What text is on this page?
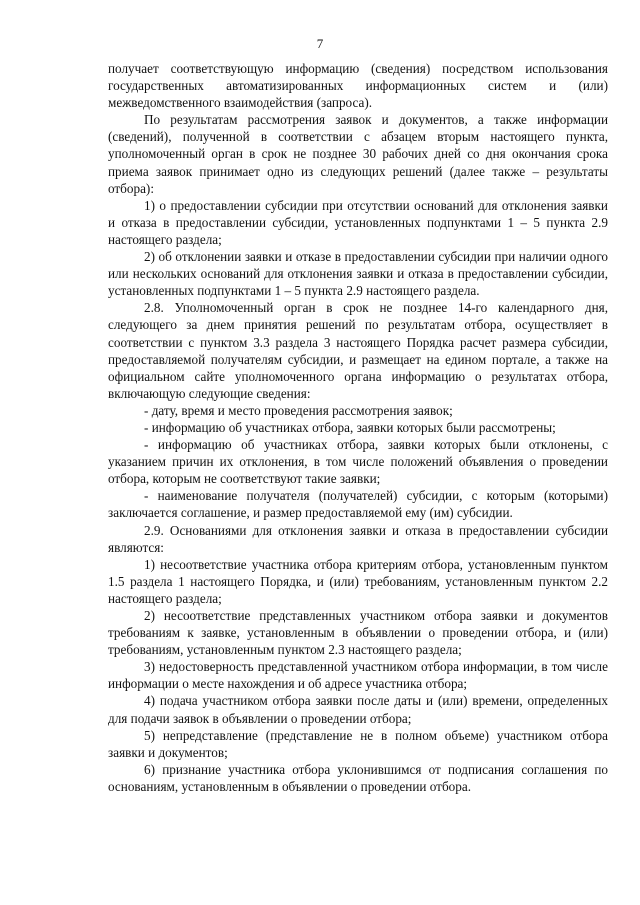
7

получает соответствующую информацию (сведения) посредством использования государственных автоматизированных информационных систем и (или) межведомственного взаимодействия (запроса).

По результатам рассмотрения заявок и документов, а также информации (сведений), полученной в соответствии с абзацем вторым настоящего пункта, уполномоченный орган в срок не позднее 30 рабочих дней со дня окончания срока приема заявок принимает одно из следующих решений (далее также – результаты отбора):

1) о предоставлении субсидии при отсутствии оснований для отклонения заявки и отказа в предоставлении субсидии, установленных подпунктами 1 – 5 пункта 2.9 настоящего раздела;

2) об отклонении заявки и отказе в предоставлении субсидии при наличии одного или нескольких оснований для отклонения заявки и отказа в предоставлении субсидии, установленных подпунктами 1 – 5 пункта 2.9 настоящего раздела.

2.8. Уполномоченный орган в срок не позднее 14-го календарного дня, следующего за днем принятия решений по результатам отбора, осуществляет в соответствии с пунктом 3.3 раздела 3 настоящего Порядка расчет размера субсидии, предоставляемой получателям субсидии, и размещает на едином портале, а также на официальном сайте уполномоченного органа информацию о результатах отбора, включающую следующие сведения:

- дату, время и место проведения рассмотрения заявок;

- информацию об участниках отбора, заявки которых были рассмотрены;

- информацию об участниках отбора, заявки которых были отклонены, с указанием причин их отклонения, в том числе положений объявления о проведении отбора, которым не соответствуют такие заявки;

- наименование получателя (получателей) субсидии, с которым (которыми) заключается соглашение, и размер предоставляемой ему (им) субсидии.

2.9. Основаниями для отклонения заявки и отказа в предоставлении субсидии являются:

1) несоответствие участника отбора критериям отбора, установленным пунктом 1.5 раздела 1 настоящего Порядка, и (или) требованиям, установленным пунктом 2.2 настоящего раздела;

2) несоответствие представленных участником отбора заявки и документов требованиям к заявке, установленным в объявлении о проведении отбора, и (или) требованиям, установленным пунктом 2.3 настоящего раздела;

3) недостоверность представленной участником отбора информации, в том числе информации о месте нахождения и об адресе участника отбора;

4) подача участником отбора заявки после даты и (или) времени, определенных для подачи заявок в объявлении о проведении отбора;

5) непредставление (представление не в полном объеме) участником отбора заявки и документов;

6) признание участника отбора уклонившимся от подписания соглашения по основаниям, установленным в объявлении о проведении отбора.
